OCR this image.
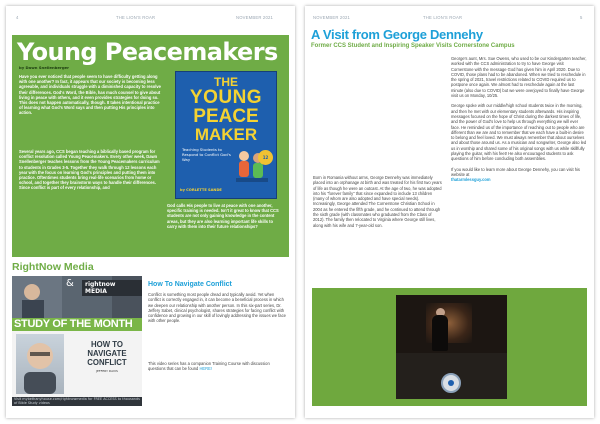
4	THE LION'S ROAR	NOVEMBER 2021
Young Peacemakers
by Dawn Snellenberger

Have you ever noticed that people seem to have difficulty getting along with one another? In fact, it appears that our society is becoming less agreeable, and individuals struggle with a diminished capacity to resolve their differences. God's Word, the Bible, has much counsel to give about living in peace with others, and it even provides strategies for doing so. This does not happen automatically, though. It takes intentional practice of learning what God's Word says and then putting His principles into action.

Several years ago, CCS began teaching a biblically based program for conflict resolution called Young Peacemakers. Every other week, Dawn Snellenberger teaches lessons from the Young Peacemakers curriculum to students in Grades 3-5. Together they walk through 12 lessons each year with the focus on learning God's principles and putting them into practice. Oftentimes students bring real-life scenarios from home or school, and together they brainstorm ways to handle their differences. Since conflict is part of every relationship, and

God calls His people to live at peace with one another, specific training is needed. Isn't it great to know that CCS students are not only gaining knowledge in the content areas, but they are also learning important life skills to carry with them into their future relationships?

THE
YOUNG
PEACE
MAKER
Teaching Students to Respond to Conflict God's Way	12
by CORLETTE SANDE
RightNow Media
&	rightnow MEDIA
STUDY OF THE MONTH
HOW TO NAVIGATE CONFLICT
JEFFERY DAVIS
Visit mybethanyhouse.com/rightnowmedia for FREE ACCESS to thousands of Bible Study videos
How To Navigate Conflict

Conflict is something most people dread and typically avoid. Yet when conflict is correctly engaged in, it can become a beneficial process in which we deepen our relationship with another person. In this six-part series, Dr. Jeffery Sabet, clinical psychologist, shares strategies for facing conflict with confidence and growing in our skill of lovingly addressing the issues we face with other people.

This video series has a companion Training Course with discussion questions that can be found HERE!

NOVEMBER 2021	THE LION'S ROAR	5
A Visit from George Dennehy
Former CCS Student and Inspiring Speaker Visits Cornerstone Campus

Born in Romania without arms, George Dennehy was immediately placed into an orphanage at birth and was treated for his first two years of life as though he were an outcast. At the age of two, he was adopted into his "forever family" that since expanded to include 13 children (many of whom are also adopted and have special needs). Increasingly, George attended The Cornerstone Christian School in 2004 as he entered the fifth grade, and he continued to attend through the sixth grade (with classmates who graduated from the Class of 2012). The family then relocated to Virginia where George still lives, along with his wife and 7-year-old son.

George's aunt, Mrs. Sue Owens, who used to be our Kindergarten teacher, worked with the CCS administration to try to have George visit Cornerstone with the message God has given him in April 2020. Due to COVID, those plans had to be abandoned. When we tried to reschedule in the spring of 2021, travel restrictions related to COVID required us to postpone once again. We almost had to reschedule again at the last minute (also due to COVID) but we were overjoyed to finally have George visit us on Monday, 10/25.

George spoke with our middle/high school students twice in the morning, and then he met with our elementary students afterwards. His inspiring messages focused on the hope of Christ during the darkest times of life, and the power of God's love to help us through everything we will ever face. He reminded us of the importance of reaching out to people who are different than we are and to remember that we each have a built-in desire to belong and feel loved. We must always remember that about ourselves and about those around us. As a musician and songwriter, George also led us in worship and shared some of his original songs with us while skillfully playing the guitar, with his feet! He also encouraged students to ask questions of him before concluding both assemblies.

If you would like to learn more about George Dennehy, you can visit his website at
thatarmlessguy.com
